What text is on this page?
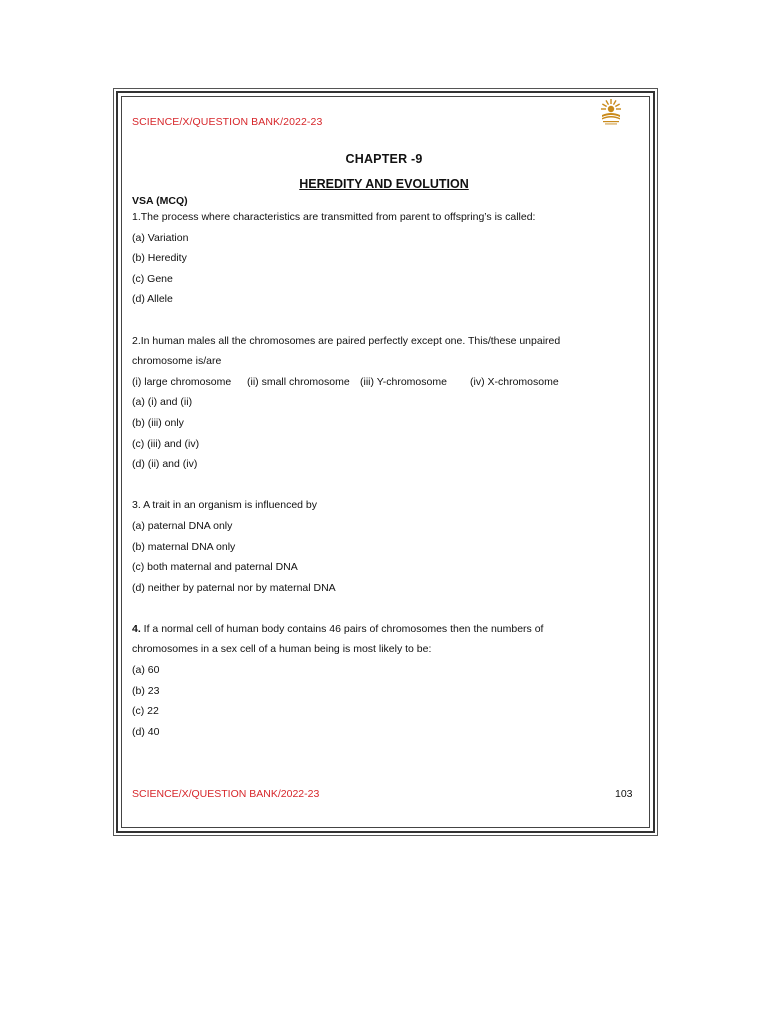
SCIENCE/X/QUESTION BANK/2022-23
CHAPTER -9
HEREDITY AND EVOLUTION
VSA (MCQ)
1.The process where characteristics are transmitted from parent to offspring’s is called:
(a) Variation
(b) Heredity
(c) Gene
(d) Allele
2.In human males all the chromosomes are paired perfectly except one. This/these unpaired
chromosome is/are
(i) large chromosome (ii) small chromosome (iii) Y-chromosome (iv) X-chromosome
(a) (i) and (ii)
(b) (iii) only
(c) (iii) and (iv)
(d) (ii) and (iv)
3. A trait in an organism is influenced by
(a) paternal DNA only
(b) maternal DNA only
(c) both maternal and paternal DNA
(d) neither by paternal nor by maternal DNA
4. If a normal cell of human body contains 46 pairs of chromosomes then the numbers of
chromosomes in a sex cell of a human being is most likely to be:
(a) 60
(b) 23
(c) 22
(d) 40
SCIENCE/X/QUESTION BANK/2022-23	103
